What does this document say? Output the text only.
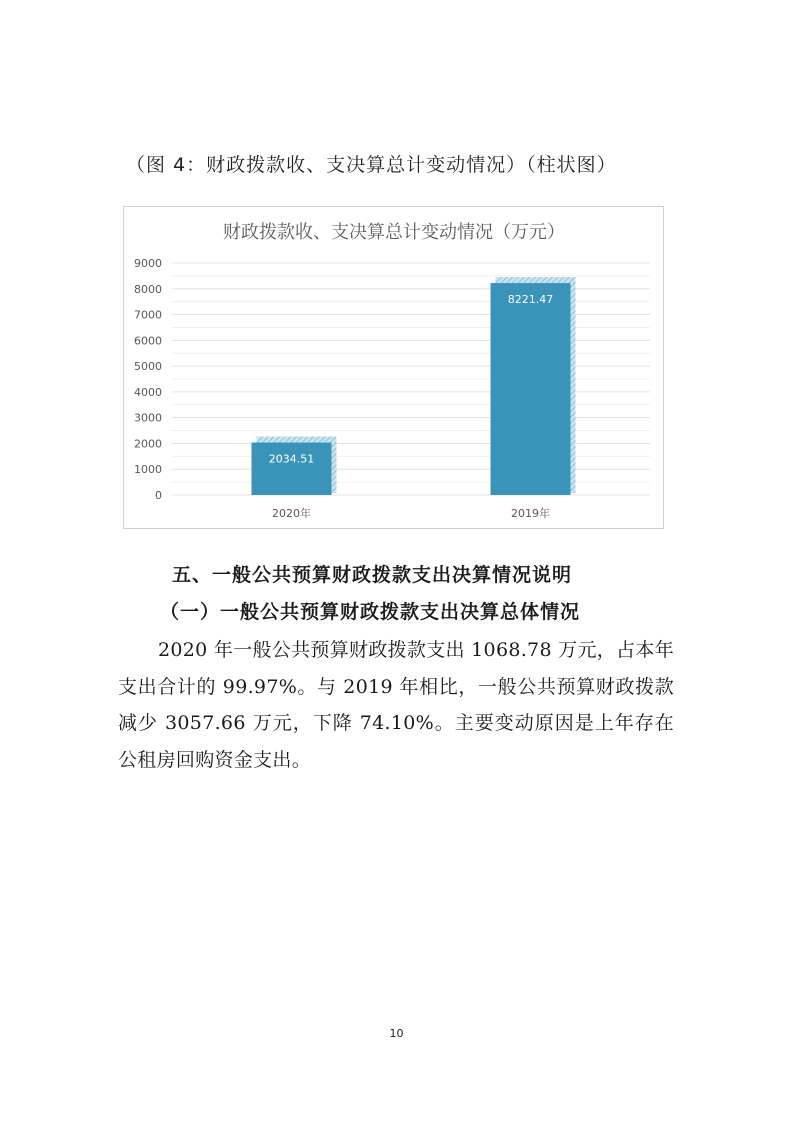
（图 4：财政拨款收、支决算总计变动情况）（柱状图）
财政拨款收、支决算总计变动情况（万元）
0
1000
2000
3000
4000
5000
6000
7000
8000
9000
2034.51
8221.47
2020年	2019年
五、一般公共预算财政拨款支出决算情况说明
（一）一般公共预算财政拨款支出决算总体情况
2020 年一般公共预算财政拨款支出 1068.78 万元，占本年支出合计的 99.97%。与 2019 年相比，一般公共预算财政拨款减少 3057.66 万元，下降 74.10%。主要变动原因是上年存在公租房回购资金支出。
10
